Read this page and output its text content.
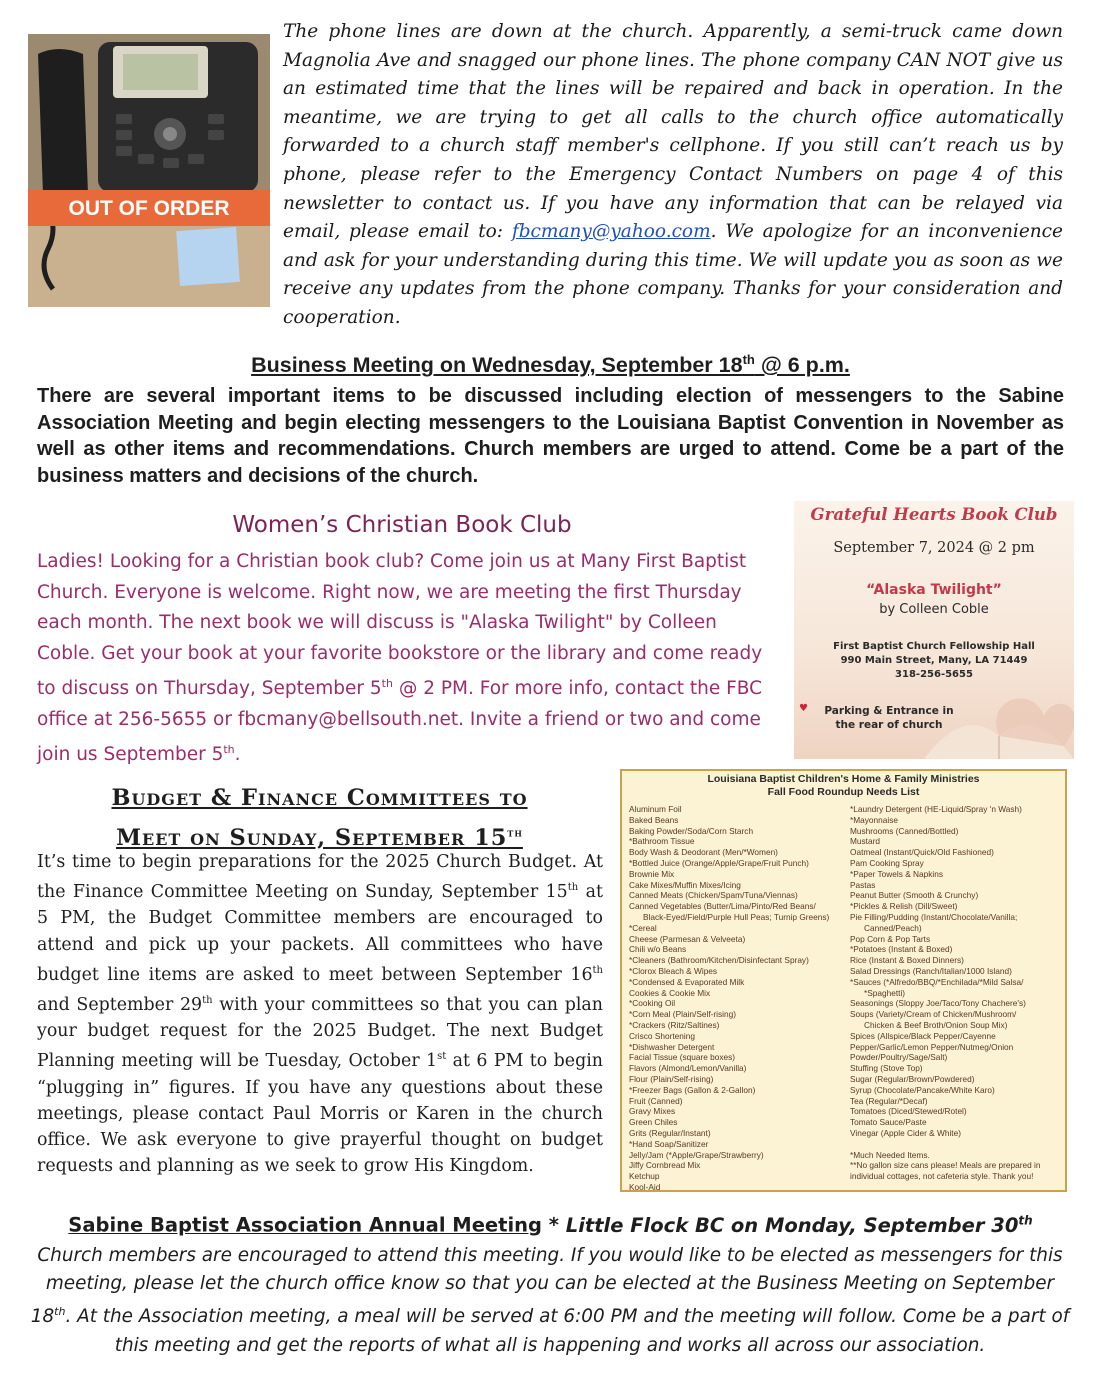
OUT OF ORDER
The phone lines are down at the church. Apparently, a semi-truck came down Magnolia Ave and snagged our phone lines. The phone company CAN NOT give us an estimated time that the lines will be repaired and back in operation. In the meantime, we are trying to get all calls to the church office automatically forwarded to a church staff member's cellphone. If you still can’t reach us by phone, please refer to the Emergency Contact Numbers on page 4 of this newsletter to contact us. If you have any information that can be relayed via email, please email to: fbcmany@yahoo.com. We apologize for an inconvenience and ask for your understanding during this time. We will update you as soon as we receive any updates from the phone company. Thanks for your consideration and cooperation.
Business Meeting on Wednesday, September 18th @ 6 p.m.
There are several important items to be discussed including election of messengers to the Sabine Association Meeting and begin electing messengers to the Louisiana Baptist Convention in November as well as other items and recommendations. Church members are urged to attend. Come be a part of the business matters and decisions of the church.
Women’s Christian Book Club
Ladies! Looking for a Christian book club? Come join us at Many First Baptist Church. Everyone is welcome. Right now, we are meeting the first Thursday each month. The next book we will discuss is "Alaska Twilight" by Colleen Coble. Get your book at your favorite bookstore or the library and come ready to discuss on Thursday, September 5th @ 2 PM. For more info, contact the FBC office at 256-5655 or fbcmany@bellsouth.net. Invite a friend or two and come join us September 5th.
Grateful Hearts Book Club
September 7, 2024 @ 2 pm
“Alaska Twilight”
by Colleen Coble
First Baptist Church Fellowship Hall
990 Main Street, Many, LA 71449
318-256-5655
♥	Parking & Entrance in
the rear of church
Budget & Finance Committees to
Meet on Sunday, September 15th
It’s time to begin preparations for the 2025 Church Budget. At the Finance Committee Meeting on Sunday, September 15th at 5 PM, the Budget Committee members are encouraged to attend and pick up your packets. All committees who have budget line items are asked to meet between September 16th and September 29th with your committees so that you can plan your budget request for the 2025 Budget. The next Budget Planning meeting will be Tuesday, October 1st at 6 PM to begin “plugging in” figures. If you have any questions about these meetings, please contact Paul Morris or Karen in the church office. We ask everyone to give prayerful thought on budget requests and planning as we seek to grow His Kingdom.
Louisiana Baptist Children's Home & Family Ministries
Fall Food Roundup Needs List
Aluminum Foil
Baked Beans
Baking Powder/Soda/Corn Starch
*Bathroom Tissue
Body Wash & Deodorant (Men/*Women)
*Bottled Juice (Orange/Apple/Grape/Fruit Punch)
Brownie Mix
Cake Mixes/Muffin Mixes/Icing
Canned Meats (Chicken/Spam/Tuna/Viennas)
Canned Vegetables (Butter/Lima/Pinto/Red Beans/
Black-Eyed/Field/Purple Hull Peas; Turnip Greens)
*Cereal
Cheese (Parmesan & Velveeta)
Chili w/o Beans
*Cleaners (Bathroom/Kitchen/Disinfectant Spray)
*Clorox Bleach & Wipes
*Condensed & Evaporated Milk
Cookies & Cookie Mix
*Cooking Oil
*Corn Meal (Plain/Self-rising)
*Crackers (Ritz/Saltines)
Crisco Shortening
*Dishwasher Detergent
Facial Tissue (square boxes)
Flavors (Almond/Lemon/Vanilla)
Flour (Plain/Self-rising)
*Freezer Bags (Gallon & 2-Gallon)
Fruit (Canned)
Gravy Mixes
Green Chiles
Grits (Regular/Instant)
*Hand Soap/Sanitizer
Jelly/Jam (*Apple/Grape/Strawberry)
Jiffy Cornbread Mix
Ketchup
Kool-Aid
*Laundry Detergent (HE-Liquid/Spray 'n Wash)
*Mayonnaise
Mushrooms (Canned/Bottled)
Mustard
Oatmeal (Instant/Quick/Old Fashioned)
Pam Cooking Spray
*Paper Towels & Napkins
Pastas
Peanut Butter (Smooth & Crunchy)
*Pickles & Relish (Dill/Sweet)
Pie Filling/Pudding (Instant/Chocolate/Vanilla;
Canned/Peach)
Pop Corn & Pop Tarts
*Potatoes (Instant & Boxed)
Rice (Instant & Boxed Dinners)
Salad Dressings (Ranch/Italian/1000 Island)
*Sauces (*Alfredo/BBQ/*Enchilada/*Mild Salsa/
*Spaghetti)
Seasonings (Sloppy Joe/Taco/Tony Chachere's)
Soups (Variety/Cream of Chicken/Mushroom/
Chicken & Beef Broth/Onion Soup Mix)
Spices (Allspice/Black Pepper/Cayenne
Pepper/Garlic/Lemon Pepper/Nutmeg/Onion
Powder/Poultry/Sage/Salt)
Stuffing (Stove Top)
Sugar (Regular/Brown/Powdered)
Syrup (Chocolate/Pancake/White Karo)
Tea (Regular/*Decaf)
Tomatoes (Diced/Stewed/Rotel)
Tomato Sauce/Paste
Vinegar (Apple Cider & White)

*Much Needed Items.
**No gallon size cans please! Meals are prepared in
individual cottages, not cafeteria style. Thank you!
Sabine Baptist Association Annual Meeting * Little Flock BC on Monday, September 30th
Church members are encouraged to attend this meeting. If you would like to be elected as messengers for this meeting, please let the church office know so that you can be elected at the Business Meeting on September 18th. At the Association meeting, a meal will be served at 6:00 PM and the meeting will follow. Come be a part of this meeting and get the reports of what all is happening and works all across our association.
